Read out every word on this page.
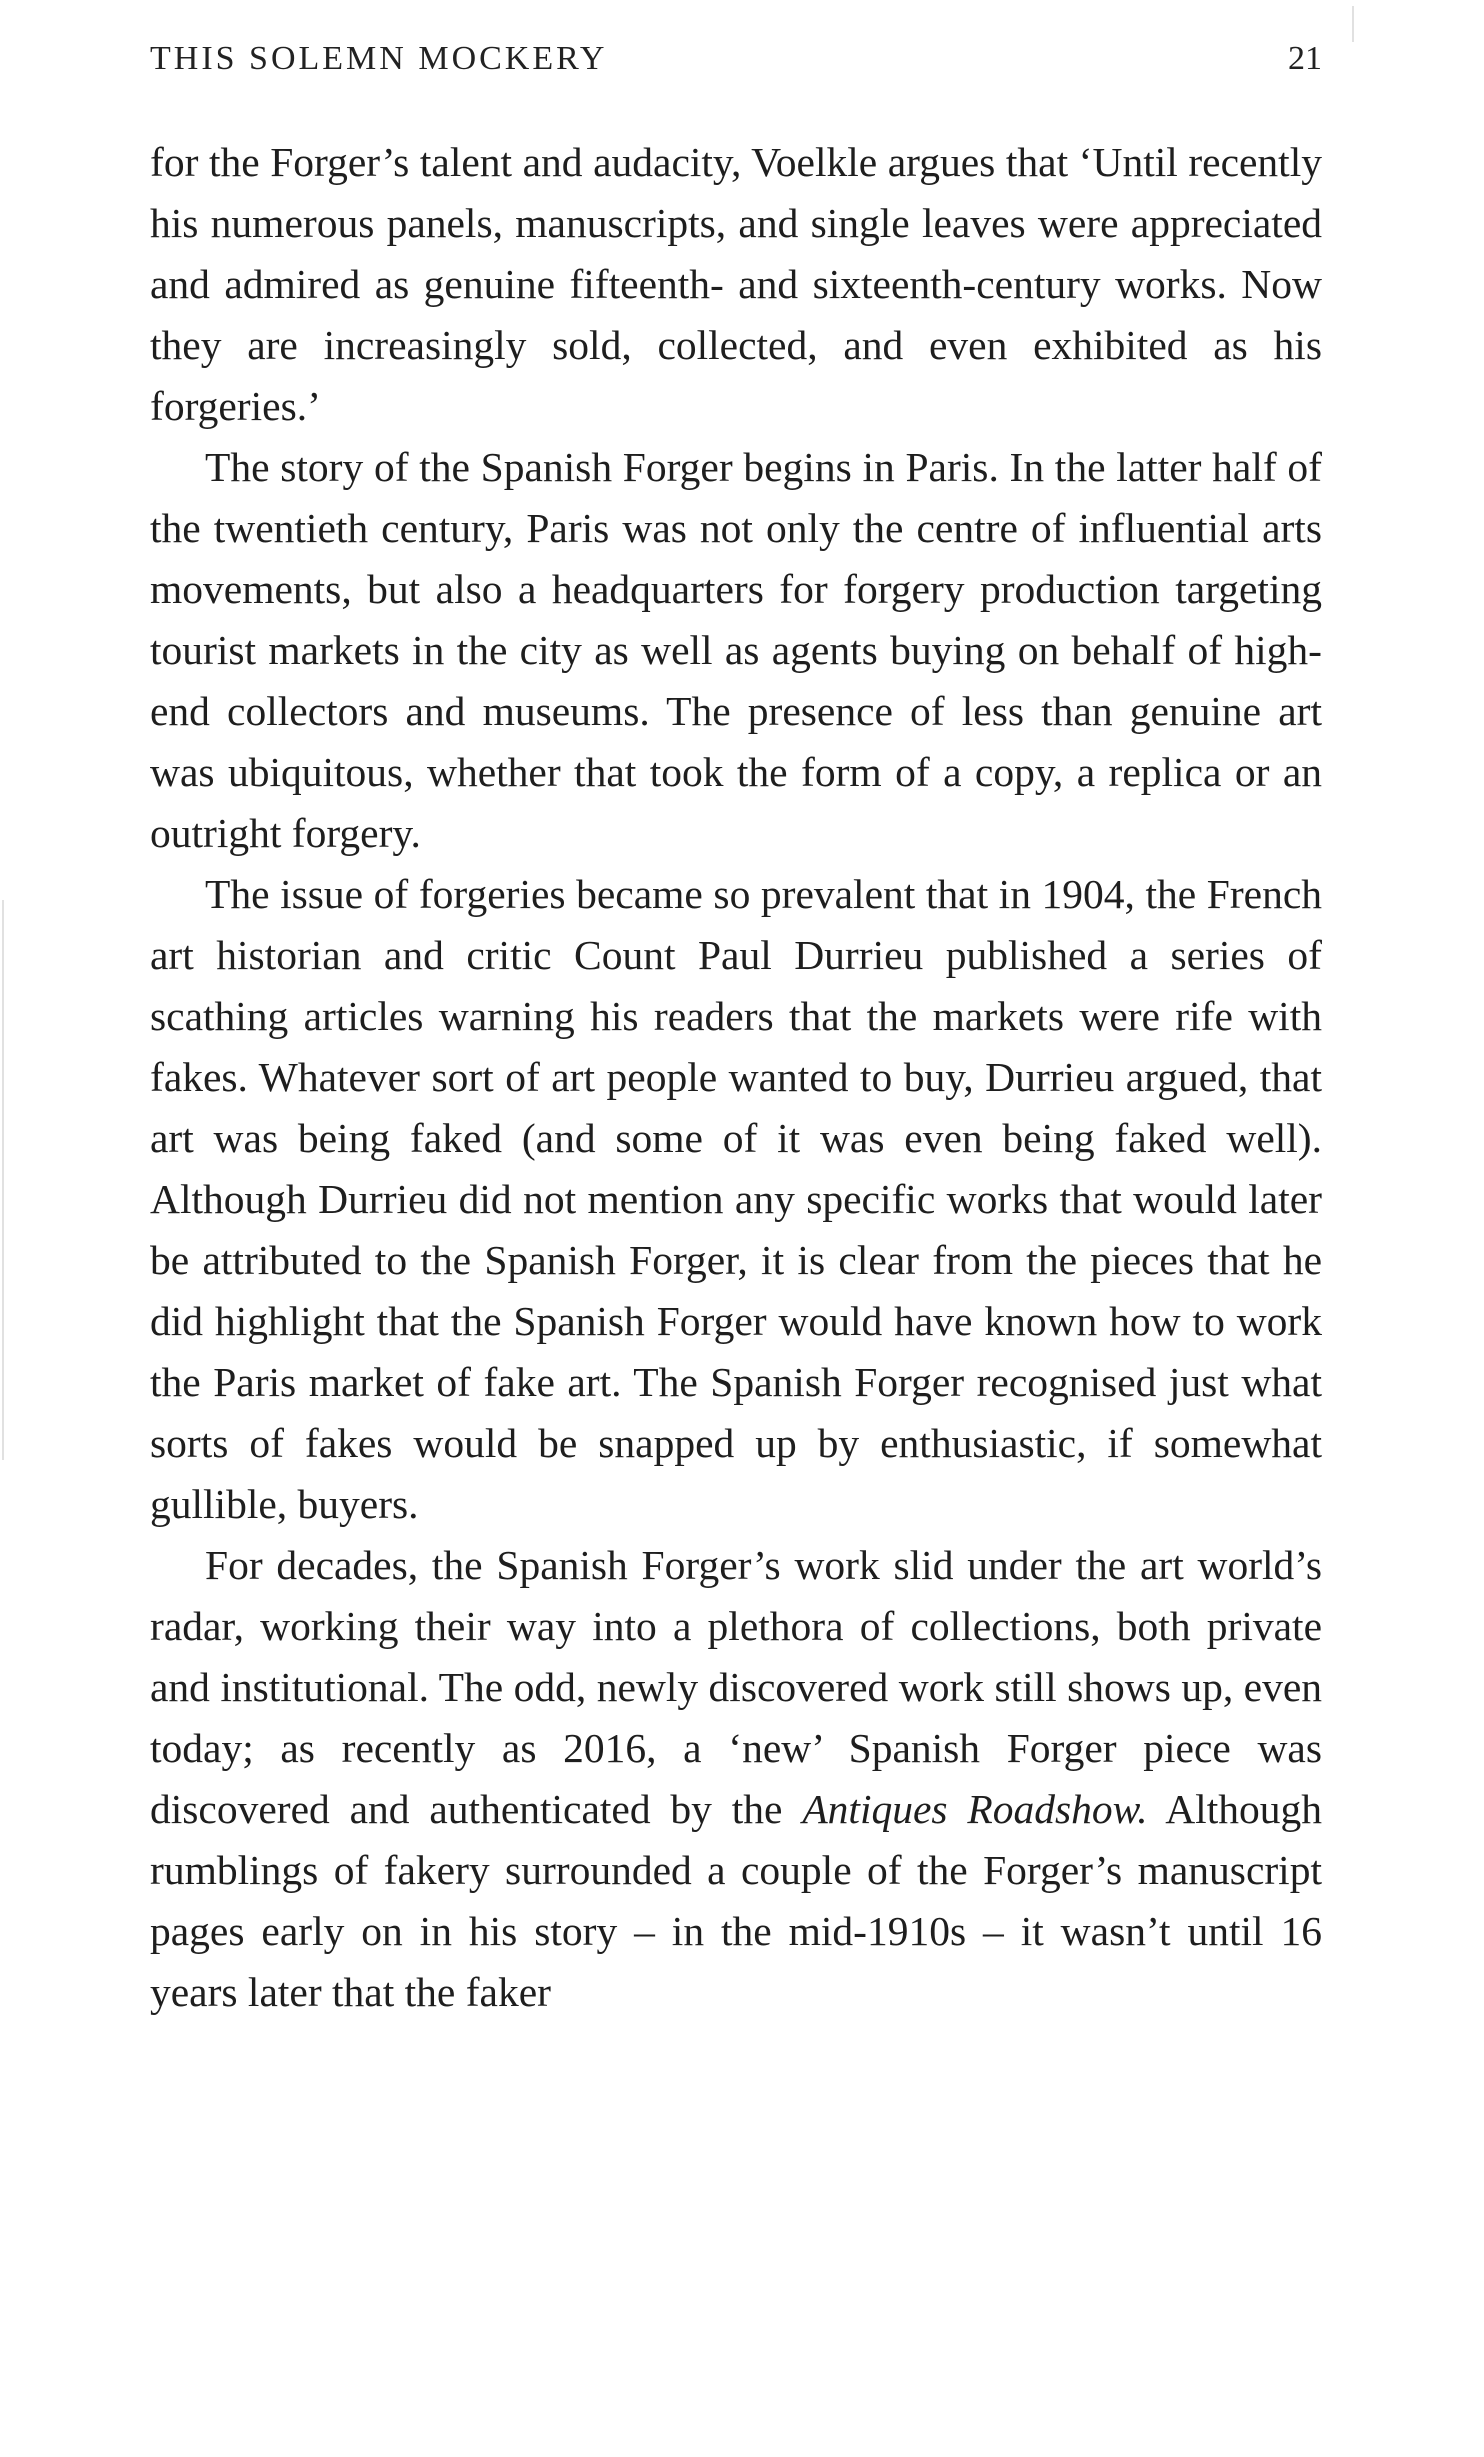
THIS SOLEMN MOCKERY	21

for the Forger’s talent and audacity, Voelkle argues that ‘Until recently his numerous panels, manuscripts, and single leaves were appreciated and admired as genuine fifteenth- and sixteenth-century works. Now they are increasingly sold, collected, and even exhibited as his forgeries.’

The story of the Spanish Forger begins in Paris. In the latter half of the twentieth century, Paris was not only the centre of influential arts movements, but also a headquarters for forgery production targeting tourist markets in the city as well as agents buying on behalf of high-end collectors and museums. The presence of less than genuine art was ubiquitous, whether that took the form of a copy, a replica or an outright forgery.

The issue of forgeries became so prevalent that in 1904, the French art historian and critic Count Paul Durrieu published a series of scathing articles warning his readers that the markets were rife with fakes. Whatever sort of art people wanted to buy, Durrieu argued, that art was being faked (and some of it was even being faked well). Although Durrieu did not mention any specific works that would later be attributed to the Spanish Forger, it is clear from the pieces that he did highlight that the Spanish Forger would have known how to work the Paris market of fake art. The Spanish Forger recognised just what sorts of fakes would be snapped up by enthusiastic, if somewhat gullible, buyers.

For decades, the Spanish Forger’s work slid under the art world’s radar, working their way into a plethora of collections, both private and institutional. The odd, newly discovered work still shows up, even today; as recently as 2016, a ‘new’ Spanish Forger piece was discovered and authenticated by the Antiques Roadshow. Although rumblings of fakery surrounded a couple of the Forger’s manuscript pages early on in his story – in the mid-1910s – it wasn’t until 16 years later that the faker
